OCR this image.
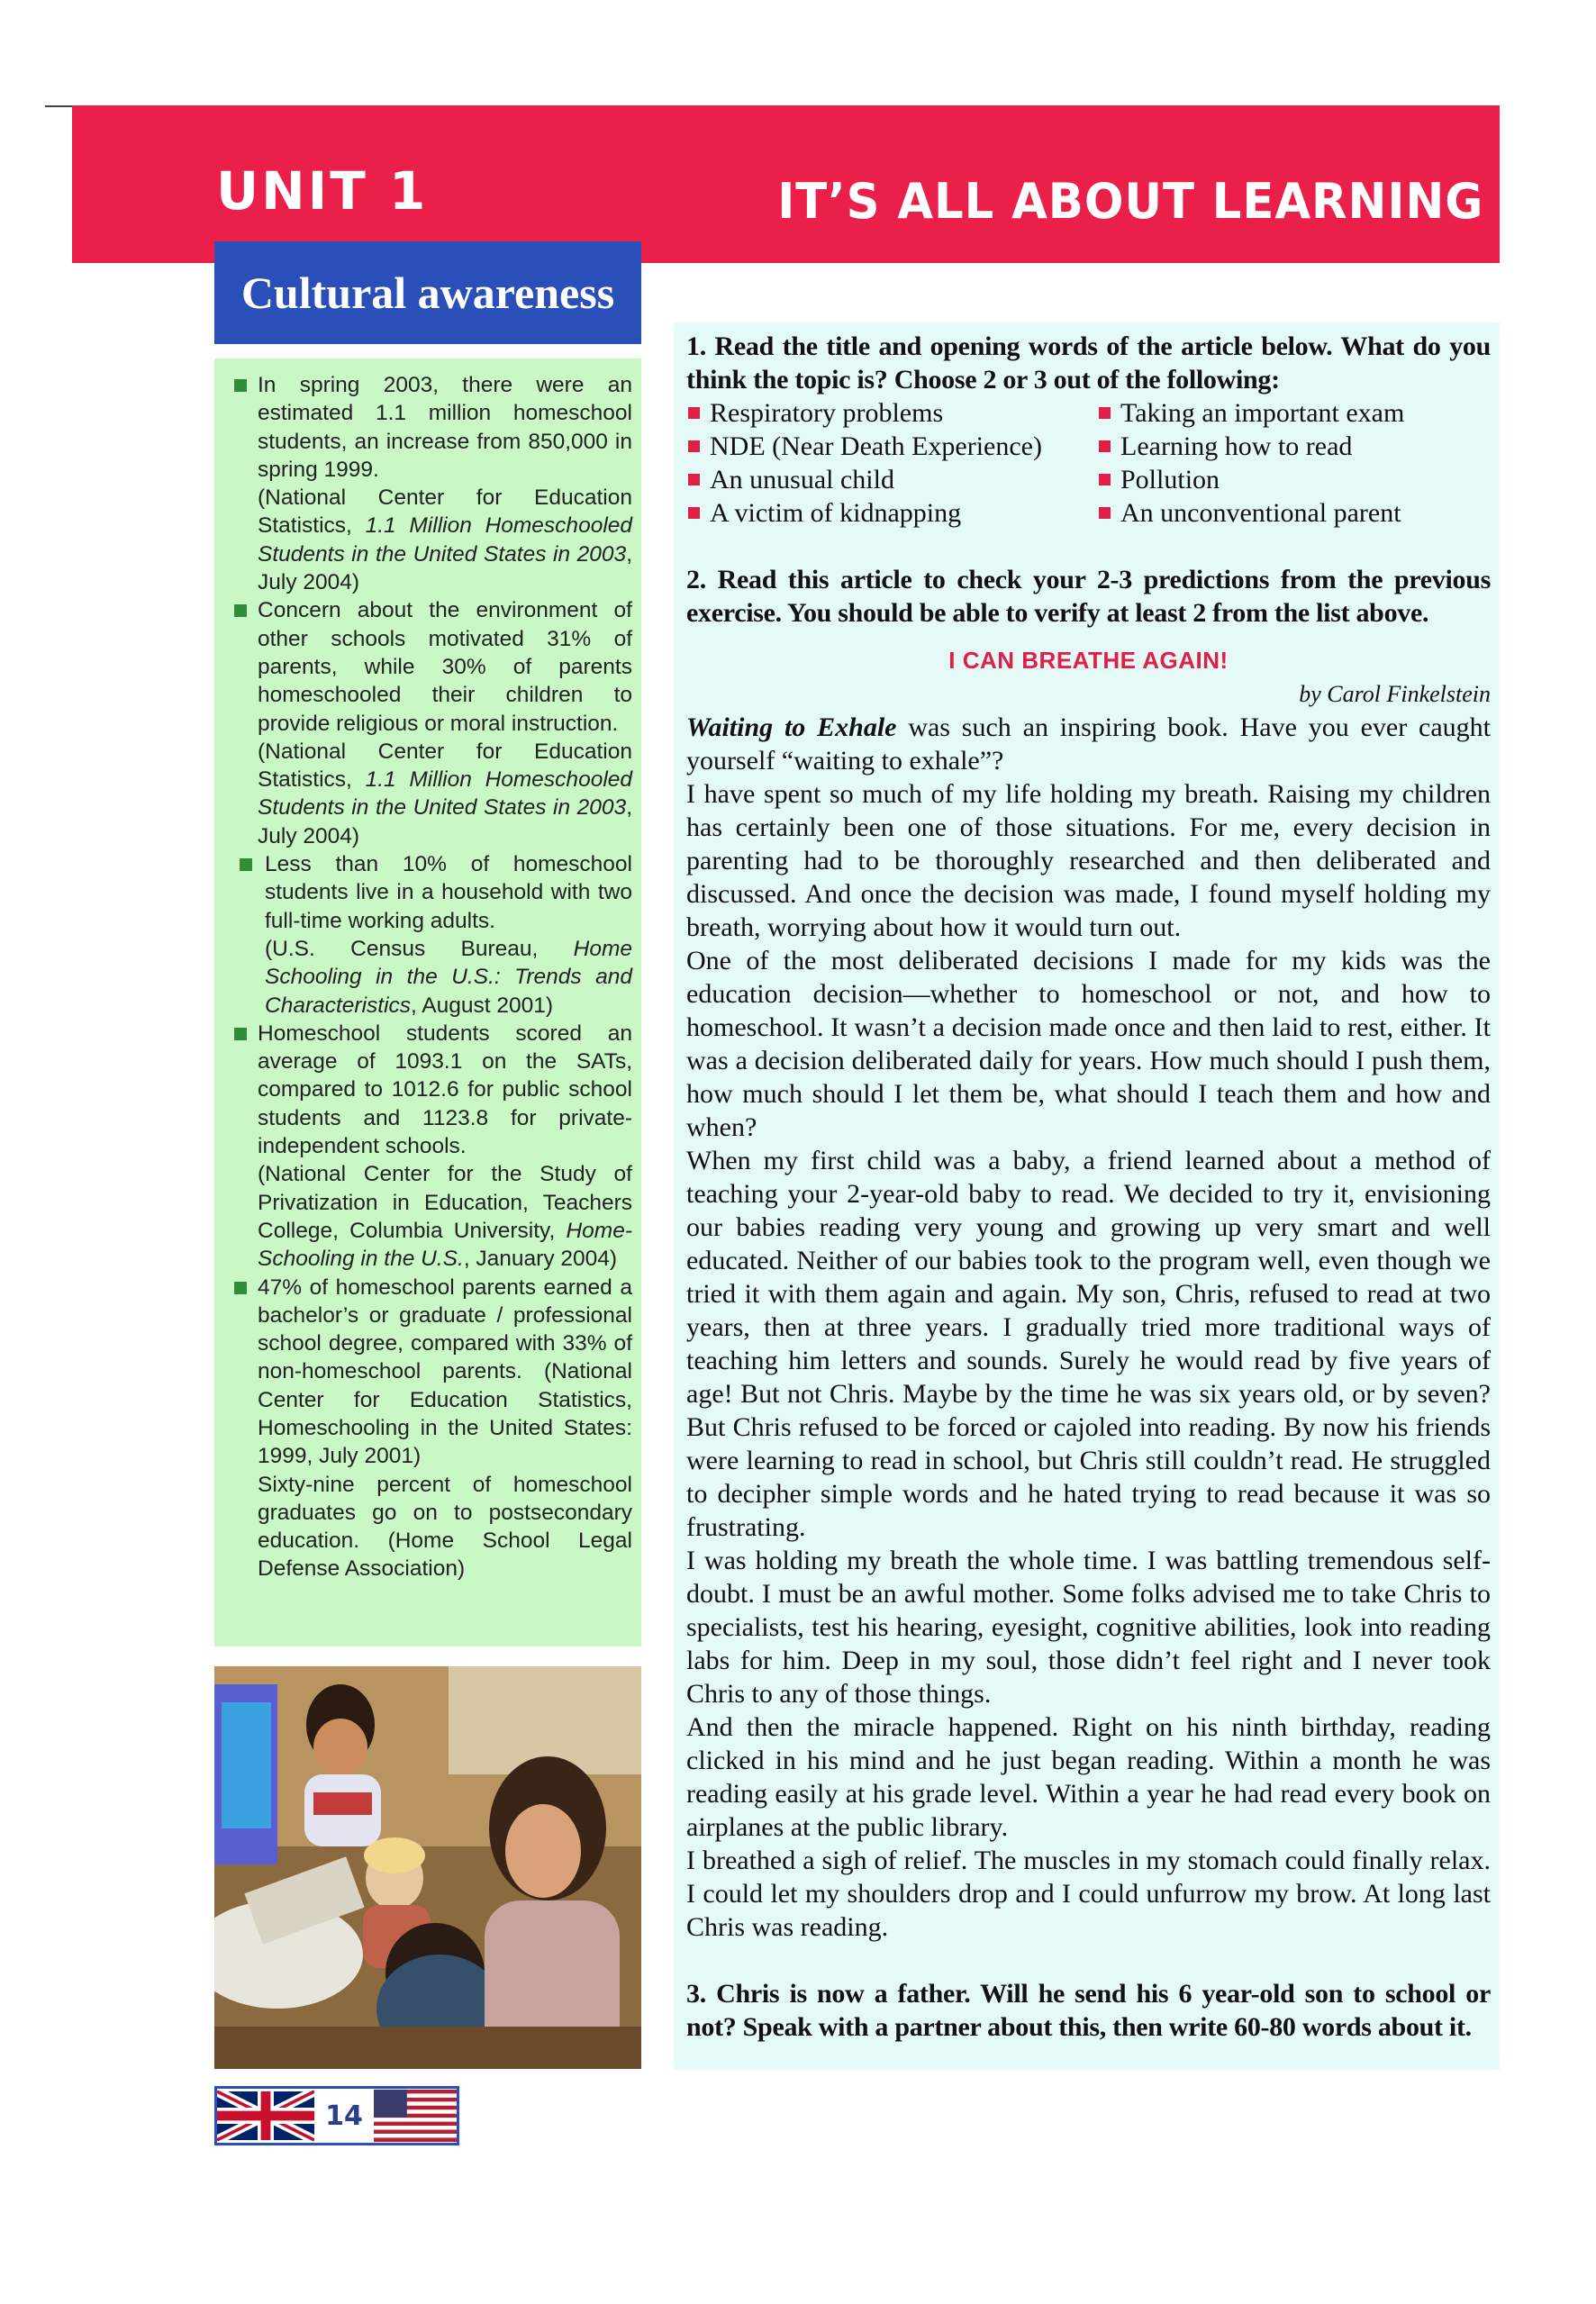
UNIT 1	IT’S ALL ABOUT LEARNING
Cultural awareness

In spring 2003, there were an estimated 1.1 million homeschool students, an increase from 850,000 in spring 1999.

(National Center for Education Statistics, 1.1 Million Homeschooled Students in the United States in 2003, July 2004)

Concern about the environment of other schools motivated 31% of parents, while 30% of parents homeschooled their children to provide religious or moral instruction.

(National Center for Education Statistics, 1.1 Million Homeschooled Students in the United States in 2003, July 2004)

Less than 10% of homeschool students live in a household with two full-time working adults.

(U.S. Census Bureau, Home Schooling in the U.S.: Trends and Characteristics, August 2001)

Homeschool students scored an average of 1093.1 on the SATs, compared to 1012.6 for public school students and 1123.8 for private-independent schools.

(National Center for the Study of Privatization in Education, Teachers College, Columbia University, Home-Schooling in the U.S., January 2004)

47% of homeschool parents earned a bachelor’s or graduate / professional school degree, compared with 33% of non-homeschool parents. (National Center for Education Statistics, Homeschooling in the United States: 1999, July 2001)

Sixty-nine percent of homeschool graduates go on to postsecondary education. (Home School Legal Defense Association)

14

1. Read the title and opening words of the article below. What do you think the topic is? Choose 2 or 3 out of the following:

Respiratory problems	Taking an important exam
NDE (Near Death Experience)	Learning how to read
An unusual child	Pollution
A victim of kidnapping	An unconventional parent

2. Read this article to check your 2-3 predictions from the previous exercise. You should be able to verify at least 2 from the list above.

I CAN BREATHE AGAIN!

by Carol Finkelstein

Waiting to Exhale was such an inspiring book. Have you ever caught yourself “waiting to exhale”?

I have spent so much of my life holding my breath. Raising my children has certainly been one of those situations. For me, every decision in parenting had to be thoroughly researched and then deliberated and discussed. And once the decision was made, I found myself holding my breath, worrying about how it would turn out.

One of the most deliberated decisions I made for my kids was the education decision—whether to homeschool or not, and how to homeschool. It wasn’t a decision made once and then laid to rest, either. It was a decision deliberated daily for years. How much should I push them, how much should I let them be, what should I teach them and how and when?

When my first child was a baby, a friend learned about a method of teaching your 2-year-old baby to read. We decided to try it, envisioning our babies reading very young and growing up very smart and well educated. Neither of our babies took to the program well, even though we tried it with them again and again. My son, Chris, refused to read at two years, then at three years. I gradually tried more traditional ways of teaching him letters and sounds. Surely he would read by five years of age! But not Chris. Maybe by the time he was six years old, or by seven? But Chris refused to be forced or cajoled into reading. By now his friends were learning to read in school, but Chris still couldn’t read. He struggled to decipher simple words and he hated trying to read because it was so frustrating.

I was holding my breath the whole time. I was battling tremendous self-doubt. I must be an awful mother. Some folks advised me to take Chris to specialists, test his hearing, eyesight, cognitive abilities, look into reading labs for him. Deep in my soul, those didn’t feel right and I never took Chris to any of those things.

And then the miracle happened. Right on his ninth birthday, reading clicked in his mind and he just began reading. Within a month he was reading easily at his grade level. Within a year he had read every book on airplanes at the public library.

I breathed a sigh of relief. The muscles in my stomach could finally relax. I could let my shoulders drop and I could unfurrow my brow. At long last Chris was reading.

3. Chris is now a father. Will he send his 6 year-old son to school or not? Speak with a partner about this, then write 60-80 words about it.
